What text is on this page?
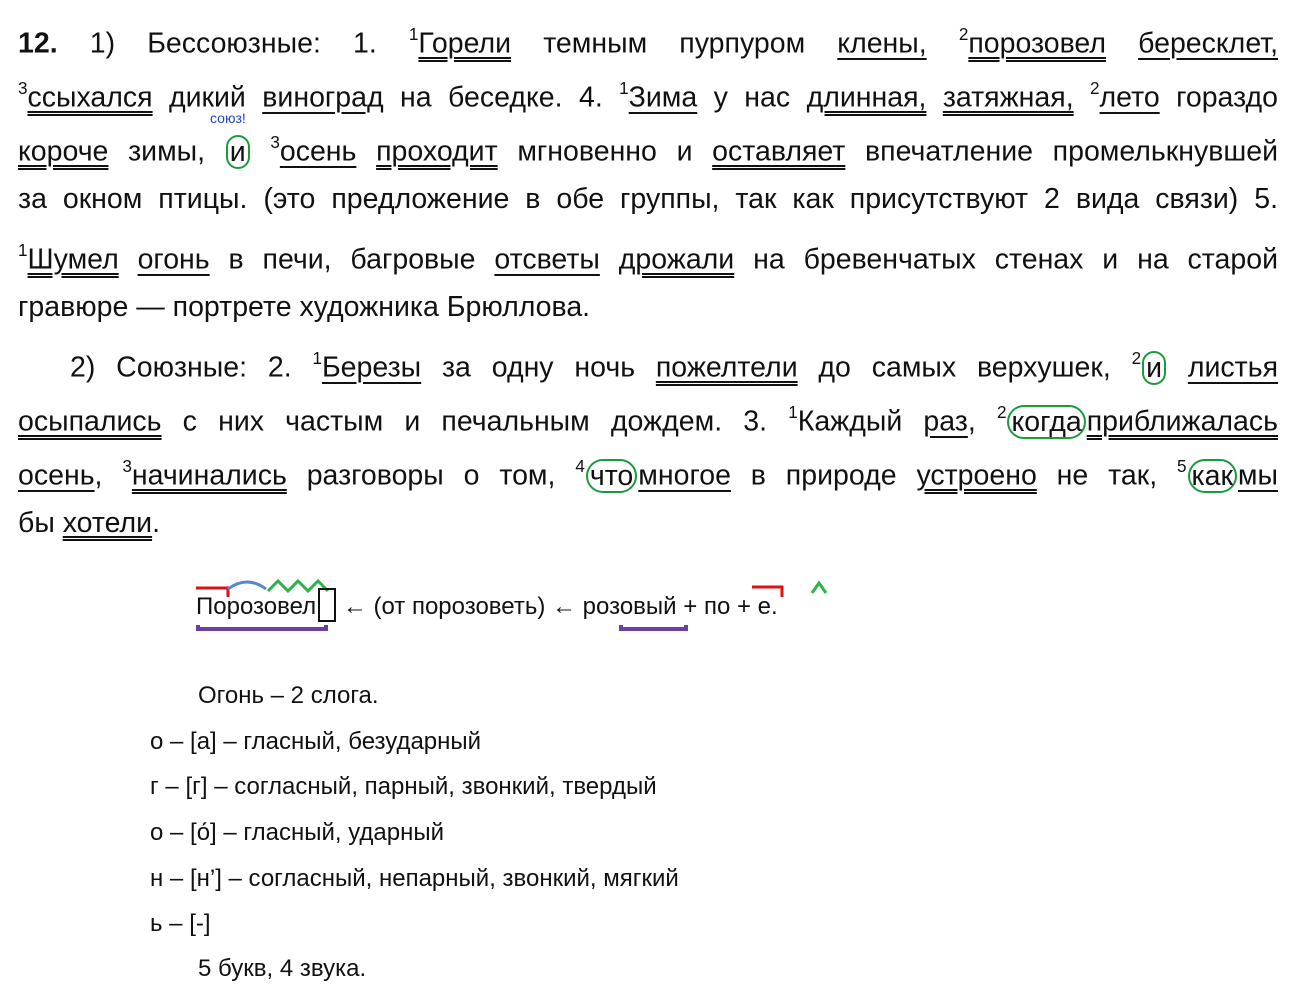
12. 1) Бессоюзные: 1. $^1$Горели темным пурпуром клены, $^2$порозовел бересклет,
$^3$ссыхался дикий виноград на беседке. 4. $^1$Зима у нас длинная, затяжная, $^2$лето гораздо
союз!
короче зимы, и $^3$осень проходит мгновенно и оставляет впечатление промелькнувшей
за окном птицы. (это предложение в обе группы, так как присутствуют 2 вида связи) 5.
$^1$Шумел огонь в печи, багровые отсветы дрожали на бревенчатых стенах и на старой
гравюре — портрете художника Брюллова.
2) Союзные: 2. $^1$Березы за одну ночь пожелтели до самых верхушек, $^2$ и листья
осыпались с них частым и печальным дождем. 3. $^1$Каждый раз, $^2$ когда приближалась
осень, $^3$начинались разговоры о том, $^4$ что многое в природе устроено не так, $^5$ как мы
бы хотели.
Порозовел ← (от порозоветь) ← розовый + по + е.
Огонь – 2 слога.
о – [а] – гласный, безударный
г – [г] – согласный, парный, звонкий, твердый
о – [о́] – гласный, ударный
н – [н’] – согласный, непарный, звонкий, мягкий
ь – [-]
5 букв, 4 звука.
